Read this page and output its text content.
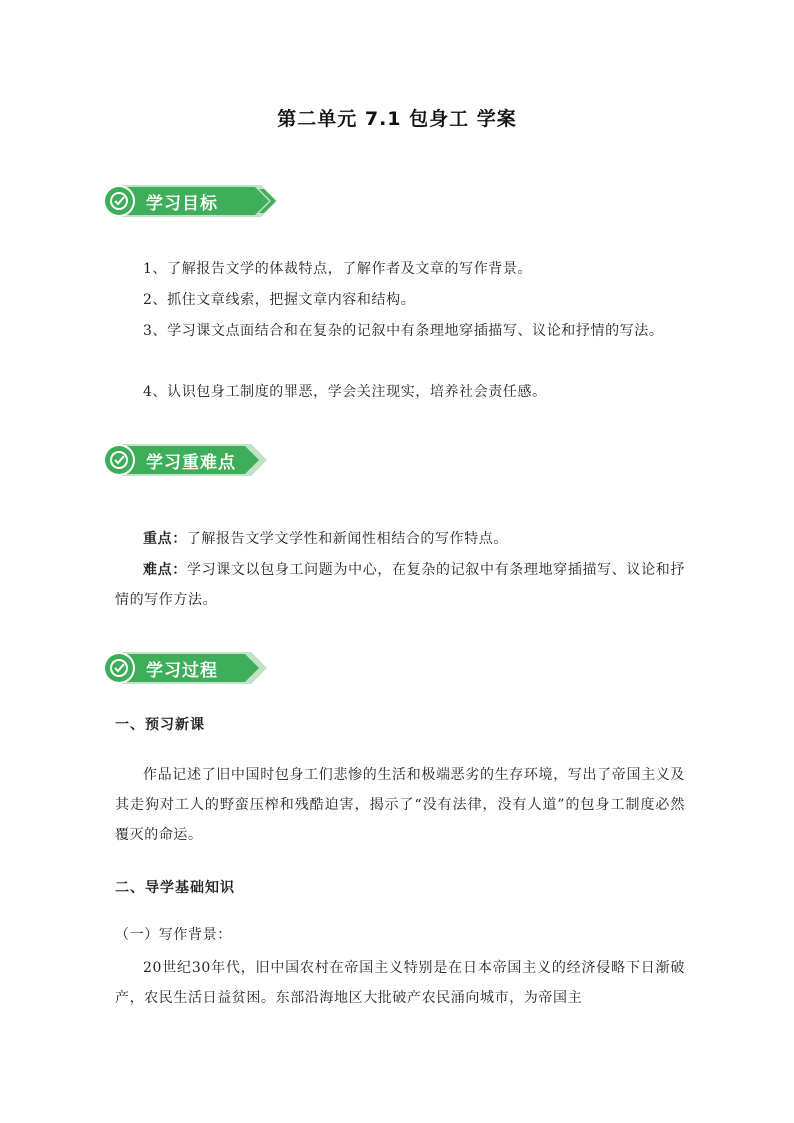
第二单元 7.1 包身工 学案
学习目标
1、了解报告文学的体裁特点，了解作者及文章的写作背景。
2、抓住文章线索，把握文章内容和结构。
3、学习课文点面结合和在复杂的记叙中有条理地穿插描写、议论和抒情的写法。
4、认识包身工制度的罪恶，学会关注现实，培养社会责任感。
学习重难点
重点：了解报告文学文学性和新闻性相结合的写作特点。
难点：学习课文以包身工问题为中心，在复杂的记叙中有条理地穿插描写、议论和抒情的写作方法。
学习过程
一、预习新课
作品记述了旧中国时包身工们悲惨的生活和极端恶劣的生存环境，写出了帝国主义及其走狗对工人的野蛮压榨和残酷迫害，揭示了“没有法律，没有人道”的包身工制度必然覆灭的命运。
二、导学基础知识
（一）写作背景：
20世纪30年代，旧中国农村在帝国主义特别是在日本帝国主义的经济侵略下日渐破产，农民生活日益贫困。东部沿海地区大批破产农民涌向城市，为帝国主
